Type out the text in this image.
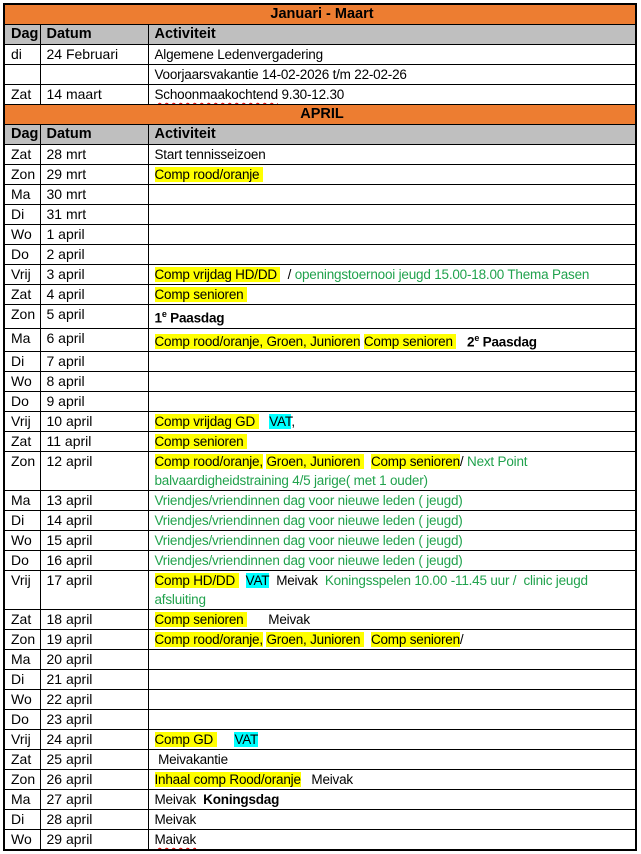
Januari - Maart		
Dag	Datum	Activiteit
di	24 Februari	Algemene Ledenvergadering
		Voorjaarsvakantie 14-02-2026 t/m 22-02-26
Zat	14 maart	Schoonmaakochtend 9.30-12.30
APRIL		
Dag	Datum	Activiteit
Zat	28 mrt	Start tennisseizoen
Zon	29 mrt	Comp rood/oranje
Ma	30 mrt	
Di	31 mrt	
Wo	1 april	
Do	2 april	
Vrij	3 april	Comp vrijdag HD/DD   / openingstoernooi jeugd 15.00-18.00 Thema Pasen
Zat	4 april	Comp senioren
Zon	5 april	1e Paasdag
Ma	6 april	Comp rood/oranje, Groen, Junioren Comp senioren    2e Paasdag
Di	7 april	
Wo	8 april	
Do	9 april	
Vrij	10 april	Comp vrijdag GD    VAT,
Zat	11 april	Comp senioren
Zon	12 april	Comp rood/oranje, Groen, Junioren   Comp senioren/ Next Point
balvaardigheidstraining 4/5 jarige( met 1 ouder)
Ma	13 april	Vriendjes/vriendinnen dag voor nieuwe leden ( jeugd)
Di	14 april	Vriendjes/vriendinnen dag voor nieuwe leden ( jeugd)
Wo	15 april	Vriendjes/vriendinnen dag voor nieuwe leden ( jeugd)
Do	16 april	Vriendjes/vriendinnen dag voor nieuwe leden ( jeugd)
Vrij	17 april	Comp HD/DD   VAT  Meivak  Koningsspelen 10.00 -11.45 uur /  clinic jeugd
afsluiting
Zat	18 april	Comp senioren       Meivak
Zon	19 april	Comp rood/oranje, Groen, Junioren   Comp senioren/
Ma	20 april	
Di	21 april	
Wo	22 april	
Do	23 april	
Vrij	24 april	Comp GD      VAT
Zat	25 april	Meivakantie
Zon	26 april	Inhaal comp Rood/oranje   Meivak
Ma	27 april	Meivak  Koningsdag
Di	28 april	Meivak
Wo	29 april	Maivak
